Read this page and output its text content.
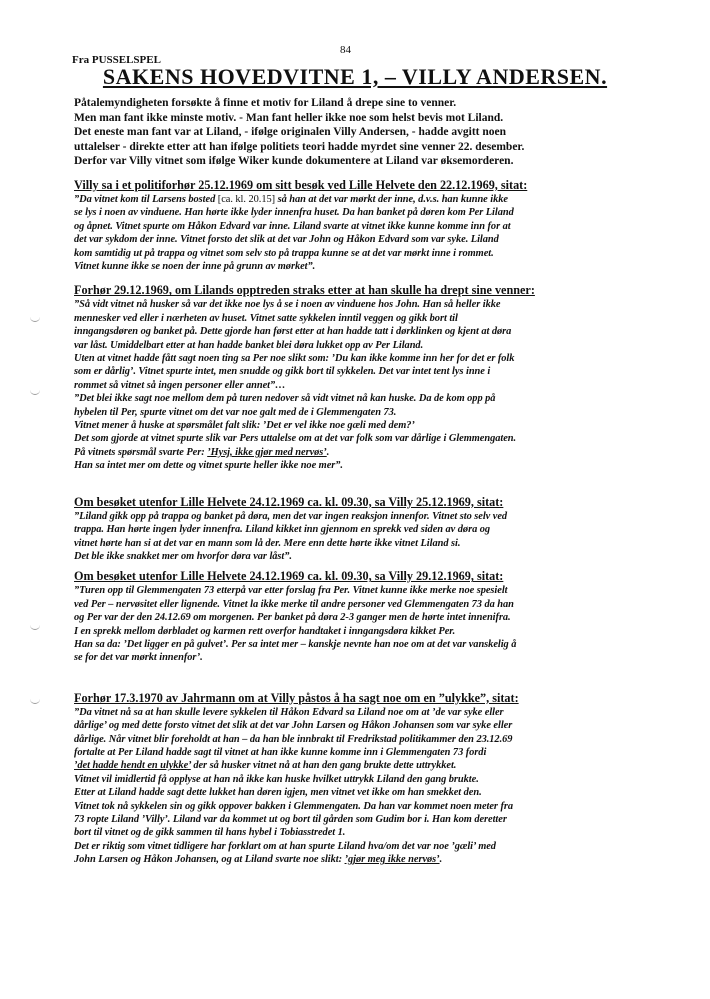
84
Fra PUSSELSPEL
SAKENS HOVEDVITNE 1, – VILLY ANDERSEN.

Påtalemyndigheten forsøkte å finne et motiv for Liland å drepe sine to venner.

Men man fant ikke minste motiv. - Man fant heller ikke noe som helst bevis mot Liland.

Det eneste man fant var at Liland, - ifølge originalen Villy Andersen, - hadde avgitt noen

uttalelser - direkte etter att han ifølge politiets teori hadde myrdet sine venner 22. desember.

Derfor var Villy vitnet som ifølge Wiker kunde dokumentere at Liland var øksemorderen.

Villy sa i et politiforhør 25.12.1969 om sitt besøk ved Lille Helvete den 22.12.1969, sitat:

”Da vitnet kom til Larsens bosted [ca. kl. 20.15] så han at det var mørkt der inne, d.v.s. han kunne ikke

se lys i noen av vinduene. Han hørte ikke lyder innenfra huset. Da han banket på døren kom Per Liland

og åpnet. Vitnet spurte om Håkon Edvard var inne. Liland svarte at vitnet ikke kunne komme inn for at

det var sykdom der inne. Vitnet forsto det slik at det var John og Håkon Edvard som var syke. Liland

kom samtidig ut på trappa og vitnet som selv sto på trappa kunne se at det var mørkt inne i rommet.

Vitnet kunne ikke se noen der inne på grunn av mørket”.

Forhør 29.12.1969, om Lilands opptreden straks etter at han skulle ha drept sine venner:

”Så vidt vitnet nå husker så var det ikke noe lys å se i noen av vinduene hos John. Han så heller ikke

mennesker ved eller i nærheten av huset. Vitnet satte sykkelen inntil veggen og gikk bort til

inngangsdøren og banket på. Dette gjorde han først etter at han hadde tatt i dørklinken og kjent at døra

var låst. Umiddelbart etter at han hadde banket blei døra lukket opp av Per Liland.

Uten at vitnet hadde fått sagt noen ting sa Per noe slikt som: ’Du kan ikke komme inn her for det er folk

som er dårlig’. Vitnet spurte intet, men snudde og gikk bort til sykkelen. Det var intet tent lys inne i

rommet så vitnet så ingen personer eller annet”…

”Det blei ikke sagt noe mellom dem på turen nedover så vidt vitnet nå kan huske. Da de kom opp på

hybelen til Per, spurte vitnet om det var noe galt med de i Glemmengaten 73.

Vitnet mener å huske at spørsmålet falt slik: ’Det er vel ikke noe gæli med dem?’

Det som gjorde at vitnet spurte slik var Pers uttalelse om at det var folk som var dårlige i Glemmengaten.

På vitnets spørsmål svarte Per: ’Hysj, ikke gjør med nervøs’.

Han sa intet mer om dette og vitnet spurte heller ikke noe mer”.

Om besøket utenfor Lille Helvete 24.12.1969 ca. kl. 09.30, sa Villy 25.12.1969, sitat:

”Liland gikk opp på trappa og banket på døra, men det var ingen reaksjon innenfor. Vitnet sto selv ved

trappa. Han hørte ingen lyder innenfra. Liland kikket inn gjennom en sprekk ved siden av døra og

vitnet hørte han si at det var en mann som lå der. Mere enn dette hørte ikke vitnet Liland si.

Det ble ikke snakket mer om hvorfor døra var låst”.

Om besøket utenfor Lille Helvete 24.12.1969 ca. kl. 09.30, sa Villy 29.12.1969, sitat:

”Turen opp til Glemmengaten 73 etterpå var etter forslag fra Per. Vitnet kunne ikke merke noe spesielt

ved Per – nervøsitet eller lignende. Vitnet la ikke merke til andre personer ved Glemmengaten 73 da han

og Per var der den 24.12.69 om morgenen. Per banket på døra 2-3 ganger men de hørte intet innenifra.

I en sprekk mellom dørbladet og karmen rett overfor handtaket i inngangsdøra kikket Per.

Han sa da: ’Det ligger en på gulvet’. Per sa intet mer – kanskje nevnte han noe om at det var vanskelig å

se for det var mørkt innenfor’.

Forhør 17.3.1970 av Jahrmann om at Villy påstos å ha sagt noe om en ”ulykke”, sitat:

”Da vitnet nå sa at han skulle levere sykkelen til Håkon Edvard sa Liland noe om at ’de var syke eller

dårlige’ og med dette forsto vitnet det slik at det var John Larsen og Håkon Johansen som var syke eller

dårlige. Når vitnet blir foreholdt at han – da han ble innbrakt til Fredrikstad politikammer den 23.12.69

fortalte at Per Liland hadde sagt til vitnet at han ikke kunne komme inn i Glemmengaten 73 fordi

’det hadde hendt en ulykke’ der så husker vitnet nå at han den gang brukte dette uttrykket.

Vitnet vil imidlertid få opplyse at han nå ikke kan huske hvilket uttrykk Liland den gang brukte.

Etter at Liland hadde sagt dette lukket han døren igjen, men vitnet vet ikke om han smekket den.

Vitnet tok nå sykkelen sin og gikk oppover bakken i Glemmengaten. Da han var kommet noen meter fra

73 ropte Liland ’Villy’. Liland var da kommet ut og bort til gården som Gudim bor i. Han kom deretter

bort til vitnet og de gikk sammen til hans hybel i Tobiasstredet 1.

Det er riktig som vitnet tidligere har forklart om at han spurte Liland hva/om det var noe ’gæli’ med

John Larsen og Håkon Johansen, og at Liland svarte noe slikt: ’gjør meg ikke nervøs’.
